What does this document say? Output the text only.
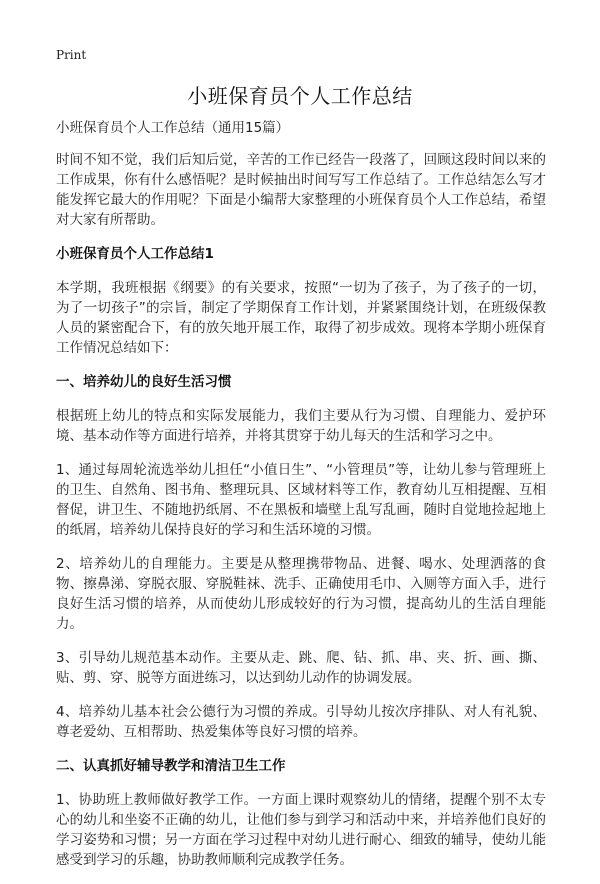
Print
小班保育员个人工作总结

小班保育员个人工作总结（通用15篇）

时间不知不觉，我们后知后觉，辛苦的工作已经告一段落了，回顾这段时间以来的工作成果，你有什么感悟呢？是时候抽出时间写写工作总结了。工作总结怎么写才能发挥它最大的作用呢？下面是小编帮大家整理的小班保育员个人工作总结，希望对大家有所帮助。

小班保育员个人工作总结1

本学期，我班根据《纲要》的有关要求，按照“一切为了孩子，为了孩子的一切，为了一切孩子”的宗旨，制定了学期保育工作计划，并紧紧围绕计划，在班级保教人员的紧密配合下，有的放矢地开展工作，取得了初步成效。现将本学期小班保育工作情况总结如下：

一、培养幼儿的良好生活习惯

根据班上幼儿的特点和实际发展能力，我们主要从行为习惯、自理能力、爱护环境、基本动作等方面进行培养，并将其贯穿于幼儿每天的生活和学习之中。

1、通过每周轮流选举幼儿担任“小值日生”、“小管理员”等，让幼儿参与管理班上的卫生、自然角、图书角、整理玩具、区域材料等工作，教育幼儿互相提醒、互相督促，讲卫生、不随地扔纸屑、不在黑板和墙壁上乱写乱画，随时自觉地捡起地上的纸屑，培养幼儿保持良好的学习和生活环境的习惯。

2、培养幼儿的自理能力。主要是从整理携带物品、进餐、喝水、处理洒落的食物、擦鼻涕、穿脱衣服、穿脱鞋袜、洗手、正确使用毛巾、入厕等方面入手，进行良好生活习惯的培养，从而使幼儿形成较好的行为习惯，提高幼儿的生活自理能力。

3、引导幼儿规范基本动作。主要从走、跳、爬、钻、抓、串、夹、折、画、撕、贴、剪、穿、脱等方面进练习，以达到幼儿动作的协调发展。

4、培养幼儿基本社会公德行为习惯的养成。引导幼儿按次序排队、对人有礼貌、尊老爱幼、互相帮助、热爱集体等良好习惯的培养。

二、认真抓好辅导教学和清洁卫生工作

1、协助班上教师做好教学工作。一方面上课时观察幼儿的情绪，提醒个别不太专心的幼儿和坐姿不正确的幼儿，让他们参与到学习和活动中来，并培养他们良好的学习姿势和习惯；另一方面在学习过程中对幼儿进行耐心、细致的辅导，使幼儿能感受到学习的乐趣，协助教师顺利完成教学任务。
